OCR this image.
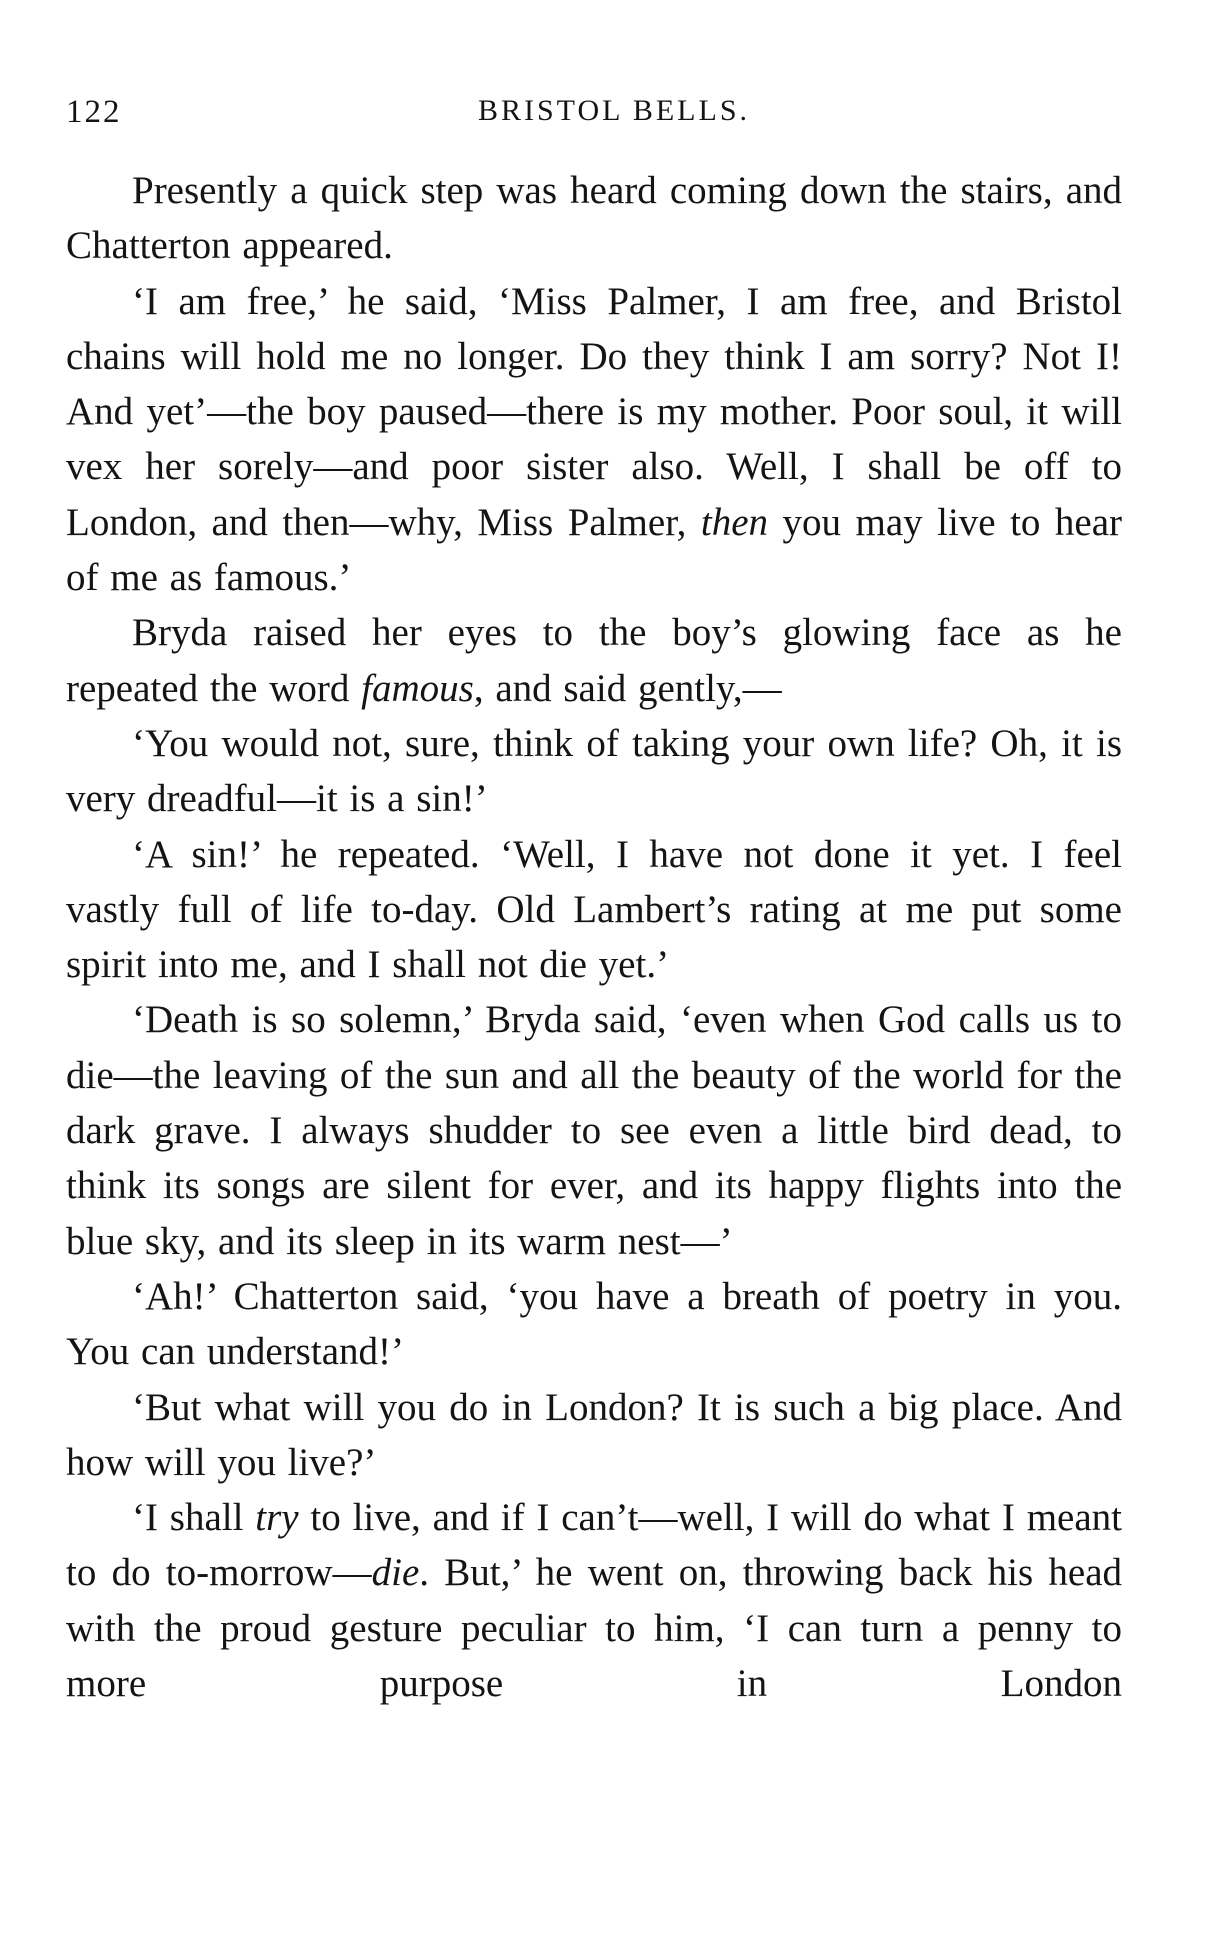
122	BRISTOL BELLS.

Presently a quick step was heard coming down the stairs, and Chatterton appeared.

‘I am free,’ he said, ‘Miss Palmer, I am free, and Bristol chains will hold me no longer. Do they think I am sorry? Not I! And yet’—the boy paused—there is my mother. Poor soul, it will vex her sorely—and poor sister also. Well, I shall be off to London, and then—why, Miss Palmer, then you may live to hear of me as famous.’

Bryda raised her eyes to the boy’s glowing face as he repeated the word famous, and said gently,—

‘You would not, sure, think of taking your own life? Oh, it is very dreadful—it is a sin!’

‘A sin!’ he repeated. ‘Well, I have not done it yet. I feel vastly full of life to-day. Old Lambert’s rating at me put some spirit into me, and I shall not die yet.’

‘Death is so solemn,’ Bryda said, ‘even when God calls us to die—the leaving of the sun and all the beauty of the world for the dark grave. I always shudder to see even a little bird dead, to think its songs are silent for ever, and its happy flights into the blue sky, and its sleep in its warm nest—’

‘Ah!’ Chatterton said, ‘you have a breath of poetry in you. You can understand!’

‘But what will you do in London? It is such a big place. And how will you live?’

‘I shall try to live, and if I can’t—well, I will do what I meant to do to-morrow—die. But,’ he went on, throwing back his head with the proud gesture peculiar to him, ‘I can turn a penny to more purpose in London
